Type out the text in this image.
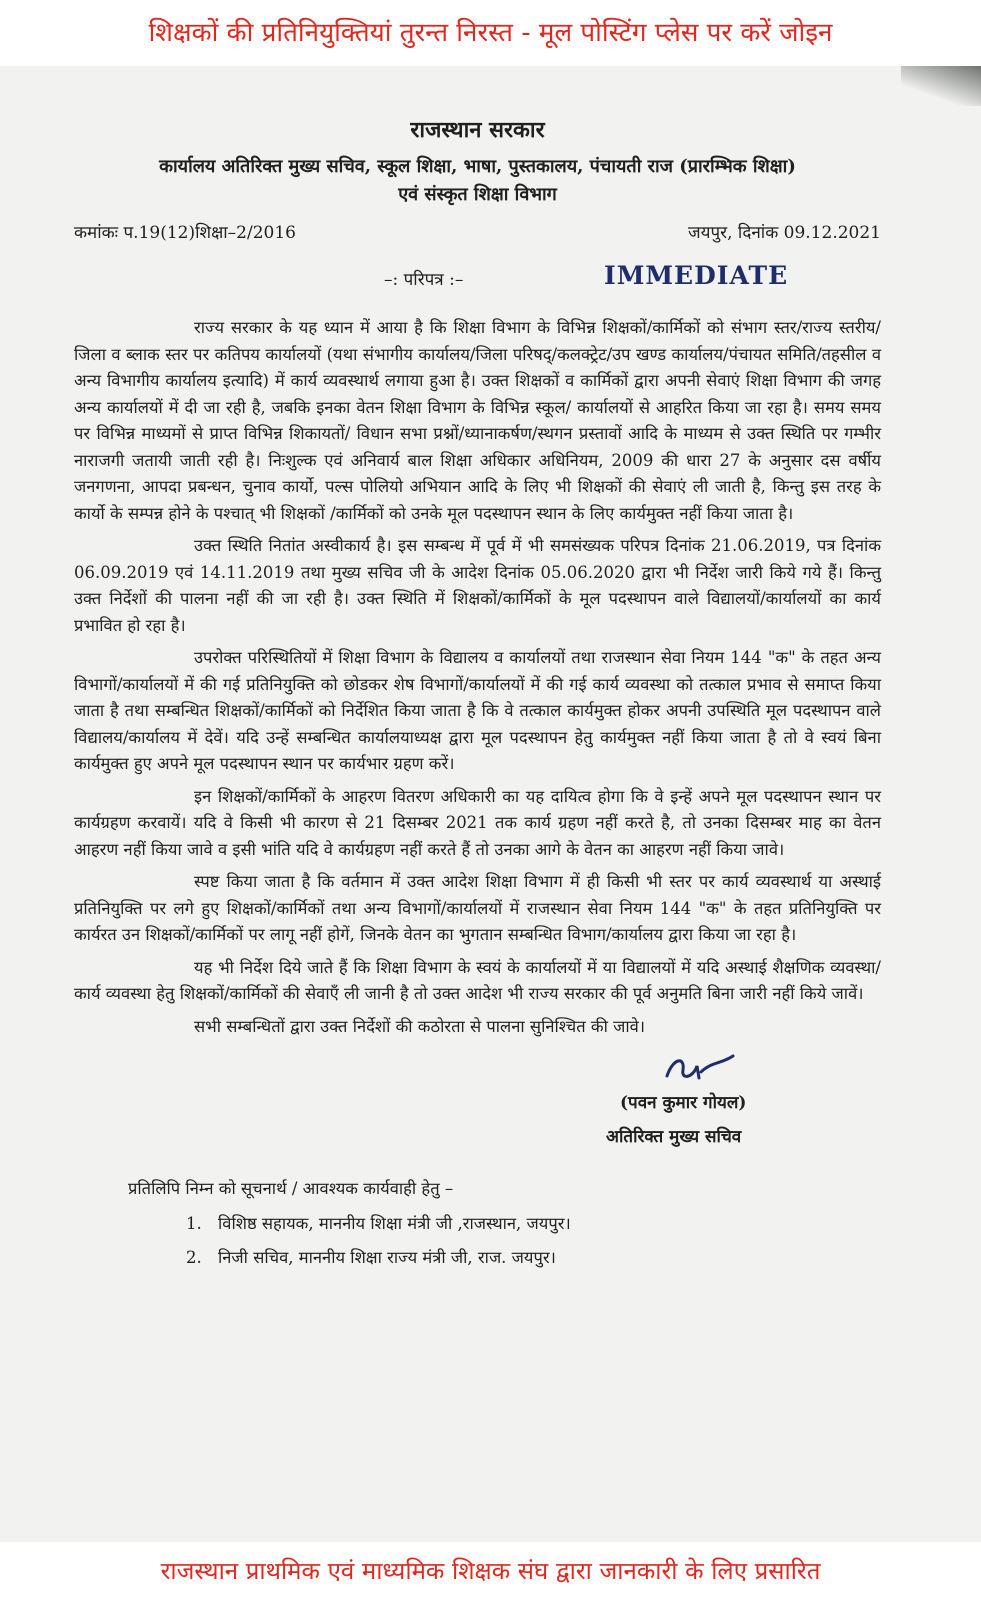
शिक्षकों की प्रतिनियुक्तियां तुरन्त निरस्त - मूल पोस्टिंग प्लेस पर करें जोइन
राजस्थान सरकार
कार्यालय अतिरिक्त मुख्य सचिव, स्कूल शिक्षा, भाषा, पुस्तकालय, पंचायती राज (प्रारम्भिक शिक्षा)
एवं संस्कृत शिक्षा विभाग
कमांकः प.19(12)शिक्षा–2/2016	जयपुर, दिनांक 09.12.2021
–: परिपत्र :–	IMMEDIATE

राज्य सरकार के यह ध्यान में आया है कि शिक्षा विभाग के विभिन्न शिक्षकों/कार्मिकों को संभाग स्तर/राज्य स्तरीय/जिला व ब्लाक स्तर पर कतिपय कार्यालयों (यथा संभागीय कार्यालय/जिला परिषद्/कलक्ट्रेट/उप खण्ड कार्यालय/पंचायत समिति/तहसील व अन्य विभागीय कार्यालय इत्यादि) में कार्य व्यवस्थार्थ लगाया हुआ है। उक्त शिक्षकों व कार्मिकों द्वारा अपनी सेवाएं शिक्षा विभाग की जगह अन्य कार्यालयों में दी जा रही है, जबकि इनका वेतन शिक्षा विभाग के विभिन्न स्कूल/ कार्यालयों से आहरित किया जा रहा है। समय समय पर विभिन्न माध्यमों से प्राप्त विभिन्न शिकायतों/ विधान सभा प्रश्नों/ध्यानाकर्षण/स्थगन प्रस्तावों आदि के माध्यम से उक्त स्थिति पर गम्भीर नाराजगी जतायी जाती रही है। निःशुल्क एवं अनिवार्य बाल शिक्षा अधिकार अधिनियम, 2009 की धारा 27 के अनुसार दस वर्षीय जनगणना, आपदा प्रबन्धन, चुनाव कार्यो, पल्स पोलियो अभियान आदि के लिए भी शिक्षकों की सेवाएं ली जाती है, किन्तु इस तरह के कार्यो के सम्पन्न होने के पश्चात् भी शिक्षकों /कार्मिकों को उनके मूल पदस्थापन स्थान के लिए कार्यमुक्त नहीं किया जाता है।

उक्त स्थिति नितांत अस्वीकार्य है। इस सम्बन्ध में पूर्व में भी समसंख्यक परिपत्र दिनांक 21.06.2019, पत्र दिनांक 06.09.2019 एवं 14.11.2019 तथा मुख्य सचिव जी के आदेश दिनांक 05.06.2020 द्वारा भी निर्देश जारी किये गये हैं। किन्तु उक्त निर्देशों की पालना नहीं की जा रही है। उक्त स्थिति में शिक्षकों/कार्मिकों के मूल पदस्थापन वाले विद्यालयों/कार्यालयों का कार्य प्रभावित हो रहा है।

उपरोक्त परिस्थितियों में शिक्षा विभाग के विद्यालय व कार्यालयों तथा राजस्थान सेवा नियम 144 "क" के तहत अन्य विभागों/कार्यालयों में की गई प्रतिनियुक्ति को छोडकर शेष विभागों/कार्यालयों में की गई कार्य व्यवस्था को तत्काल प्रभाव से समाप्त किया जाता है तथा सम्बन्धित शिक्षकों/कार्मिकों को निर्देशित किया जाता है कि वे तत्काल कार्यमुक्त होकर अपनी उपस्थिति मूल पदस्थापन वाले विद्यालय/कार्यालय में देवें। यदि उन्हें सम्बन्धित कार्यालयाध्यक्ष द्वारा मूल पदस्थापन हेतु कार्यमुक्त नहीं किया जाता है तो वे स्वयं बिना कार्यमुक्त हुए अपने मूल पदस्थापन स्थान पर कार्यभार ग्रहण करें।

इन शिक्षकों/कार्मिकों के आहरण वितरण अधिकारी का यह दायित्व होगा कि वे इन्हें अपने मूल पदस्थापन स्थान पर कार्यग्रहण करवायें। यदि वे किसी भी कारण से 21 दिसम्बर 2021 तक कार्य ग्रहण नहीं करते है, तो उनका दिसम्बर माह का वेतन आहरण नहीं किया जावे व इसी भांति यदि वे कार्यग्रहण नहीं करते हैं तो उनका आगे के वेतन का आहरण नहीं किया जावे।

स्पष्ट किया जाता है कि वर्तमान में उक्त आदेश शिक्षा विभाग में ही किसी भी स्तर पर कार्य व्यवस्थार्थ या अस्थाई प्रतिनियुक्ति पर लगे हुए शिक्षकों/कार्मिकों तथा अन्य विभागों/कार्यालयों में राजस्थान सेवा नियम 144 "क" के तहत प्रतिनियुक्ति पर कार्यरत उन शिक्षकों/कार्मिकों पर लागू नहीं होगें, जिनके वेतन का भुगतान सम्बन्धित विभाग/कार्यालय द्वारा किया जा रहा है।

यह भी निर्देश दिये जाते हैं कि शिक्षा विभाग के स्वयं के कार्यालयों में या विद्यालयों में यदि अस्थाई शैक्षणिक व्यवस्था/कार्य व्यवस्था हेतु शिक्षकों/कार्मिकों की सेवाएँ ली जानी है तो उक्त आदेश भी राज्य सरकार की पूर्व अनुमति बिना जारी नहीं किये जावें।

सभी सम्बन्धितों द्वारा उक्त निर्देशों की कठोरता से पालना सुनिश्चित की जावे।

(पवन कुमार गोयल)
अतिरिक्त मुख्य सचिव
प्रतिलिपि निम्न को सूचनार्थ / आवश्यक कार्यवाही हेतु –
1. विशिष्ठ सहायक, माननीय शिक्षा मंत्री जी ,राजस्थान, जयपुर।
2. निजी सचिव, माननीय शिक्षा राज्य मंत्री जी, राज. जयपुर।
राजस्थान प्राथमिक एवं माध्यमिक शिक्षक संघ द्वारा जानकारी के लिए प्रसारित
